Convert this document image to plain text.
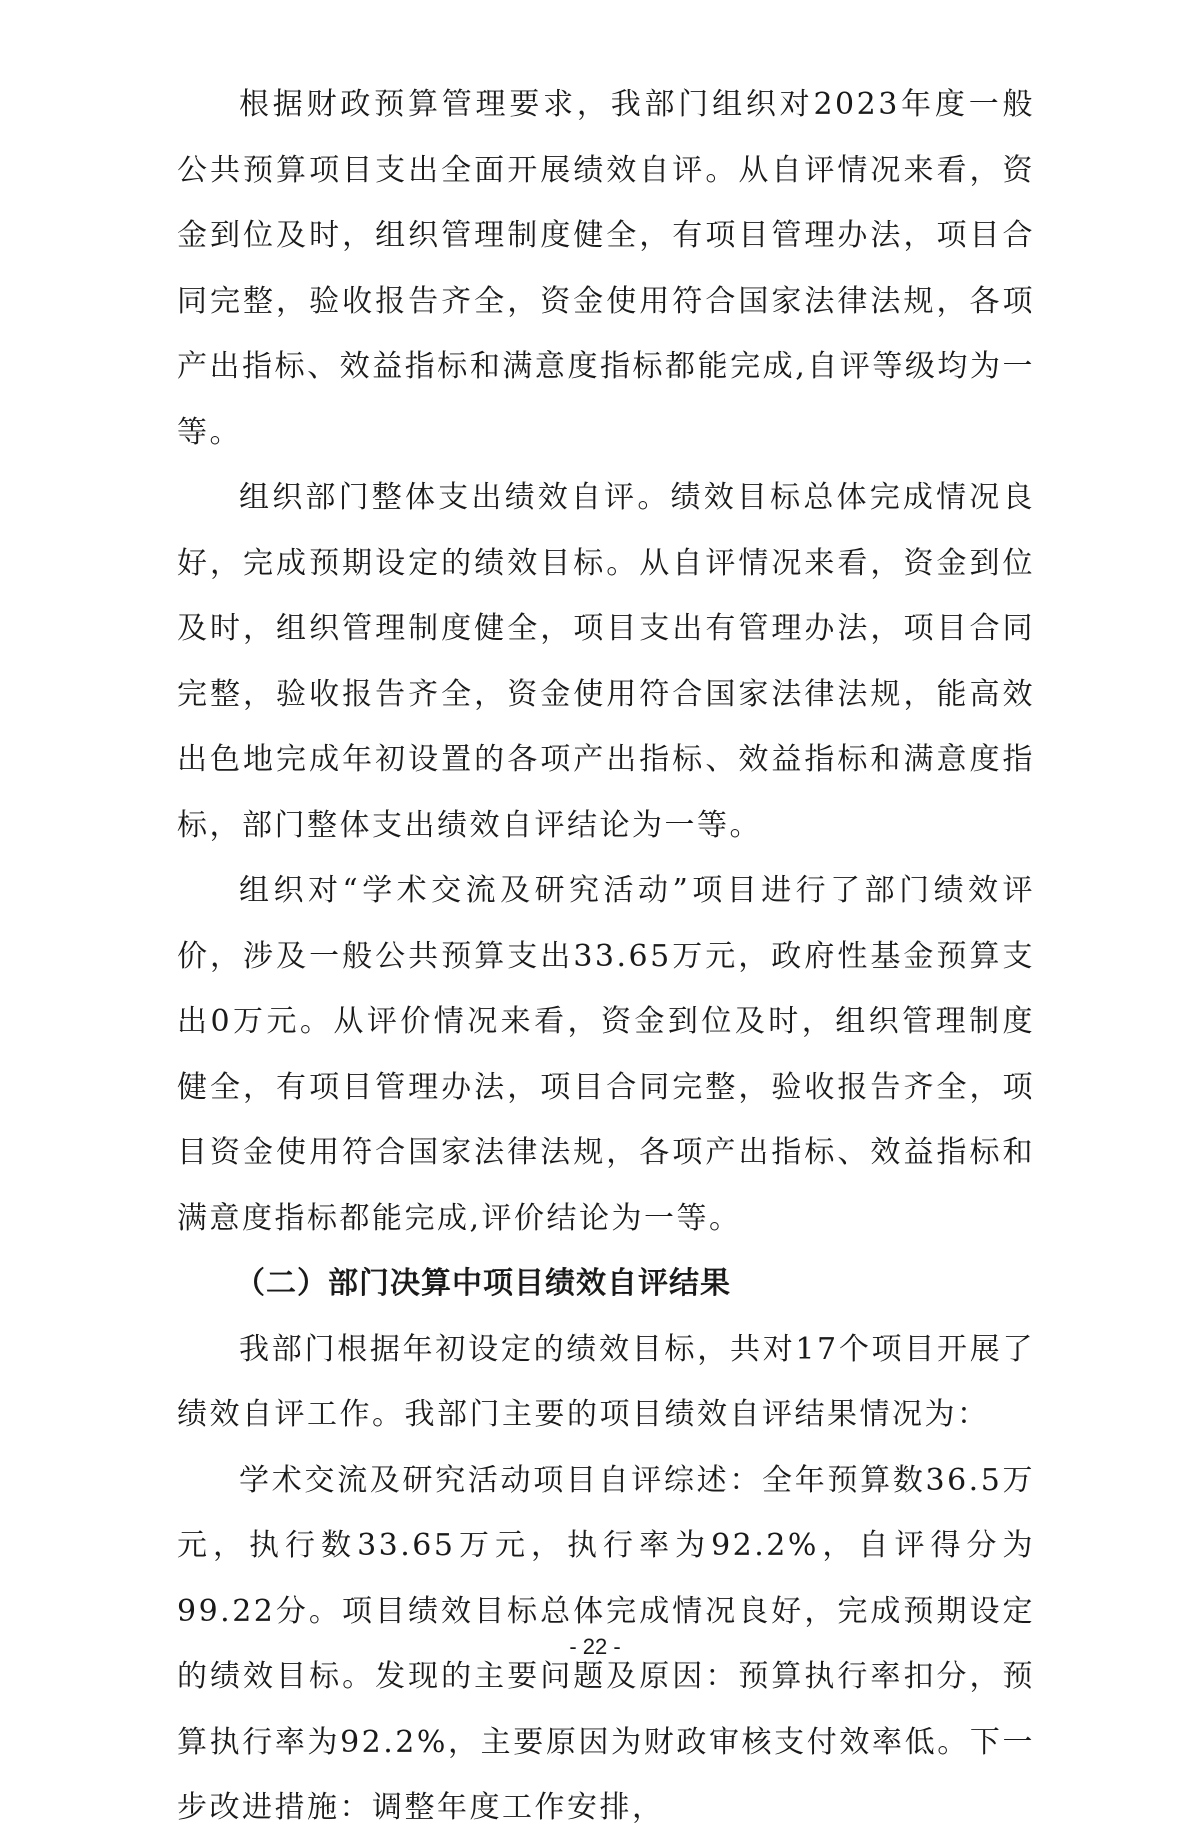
根据财政预算管理要求，我部门组织对2023年度一般公共预算项目支出全面开展绩效自评。从自评情况来看，资金到位及时，组织管理制度健全，有项目管理办法，项目合同完整，验收报告齐全，资金使用符合国家法律法规，各项产出指标、效益指标和满意度指标都能完成,自评等级均为一等。

组织部门整体支出绩效自评。绩效目标总体完成情况良好，完成预期设定的绩效目标。从自评情况来看，资金到位及时，组织管理制度健全，项目支出有管理办法，项目合同完整，验收报告齐全，资金使用符合国家法律法规，能高效出色地完成年初设置的各项产出指标、效益指标和满意度指标，部门整体支出绩效自评结论为一等。

组织对“学术交流及研究活动”项目进行了部门绩效评价，涉及一般公共预算支出33.65万元，政府性基金预算支出0万元。从评价情况来看，资金到位及时，组织管理制度健全，有项目管理办法，项目合同完整，验收报告齐全，项目资金使用符合国家法律法规，各项产出指标、效益指标和满意度指标都能完成,评价结论为一等。

（二）部门决算中项目绩效自评结果

我部门根据年初设定的绩效目标，共对17个项目开展了绩效自评工作。我部门主要的项目绩效自评结果情况为：

学术交流及研究活动项目自评综述：全年预算数36.5万元，执行数33.65万元，执行率为92.2%，自评得分为99.22分。项目绩效目标总体完成情况良好，完成预期设定的绩效目标。发现的主要问题及原因：预算执行率扣分，预算执行率为92.2%，主要原因为财政审核支付效率低。下一步改进措施：调整年度工作安排，

- 22 -
